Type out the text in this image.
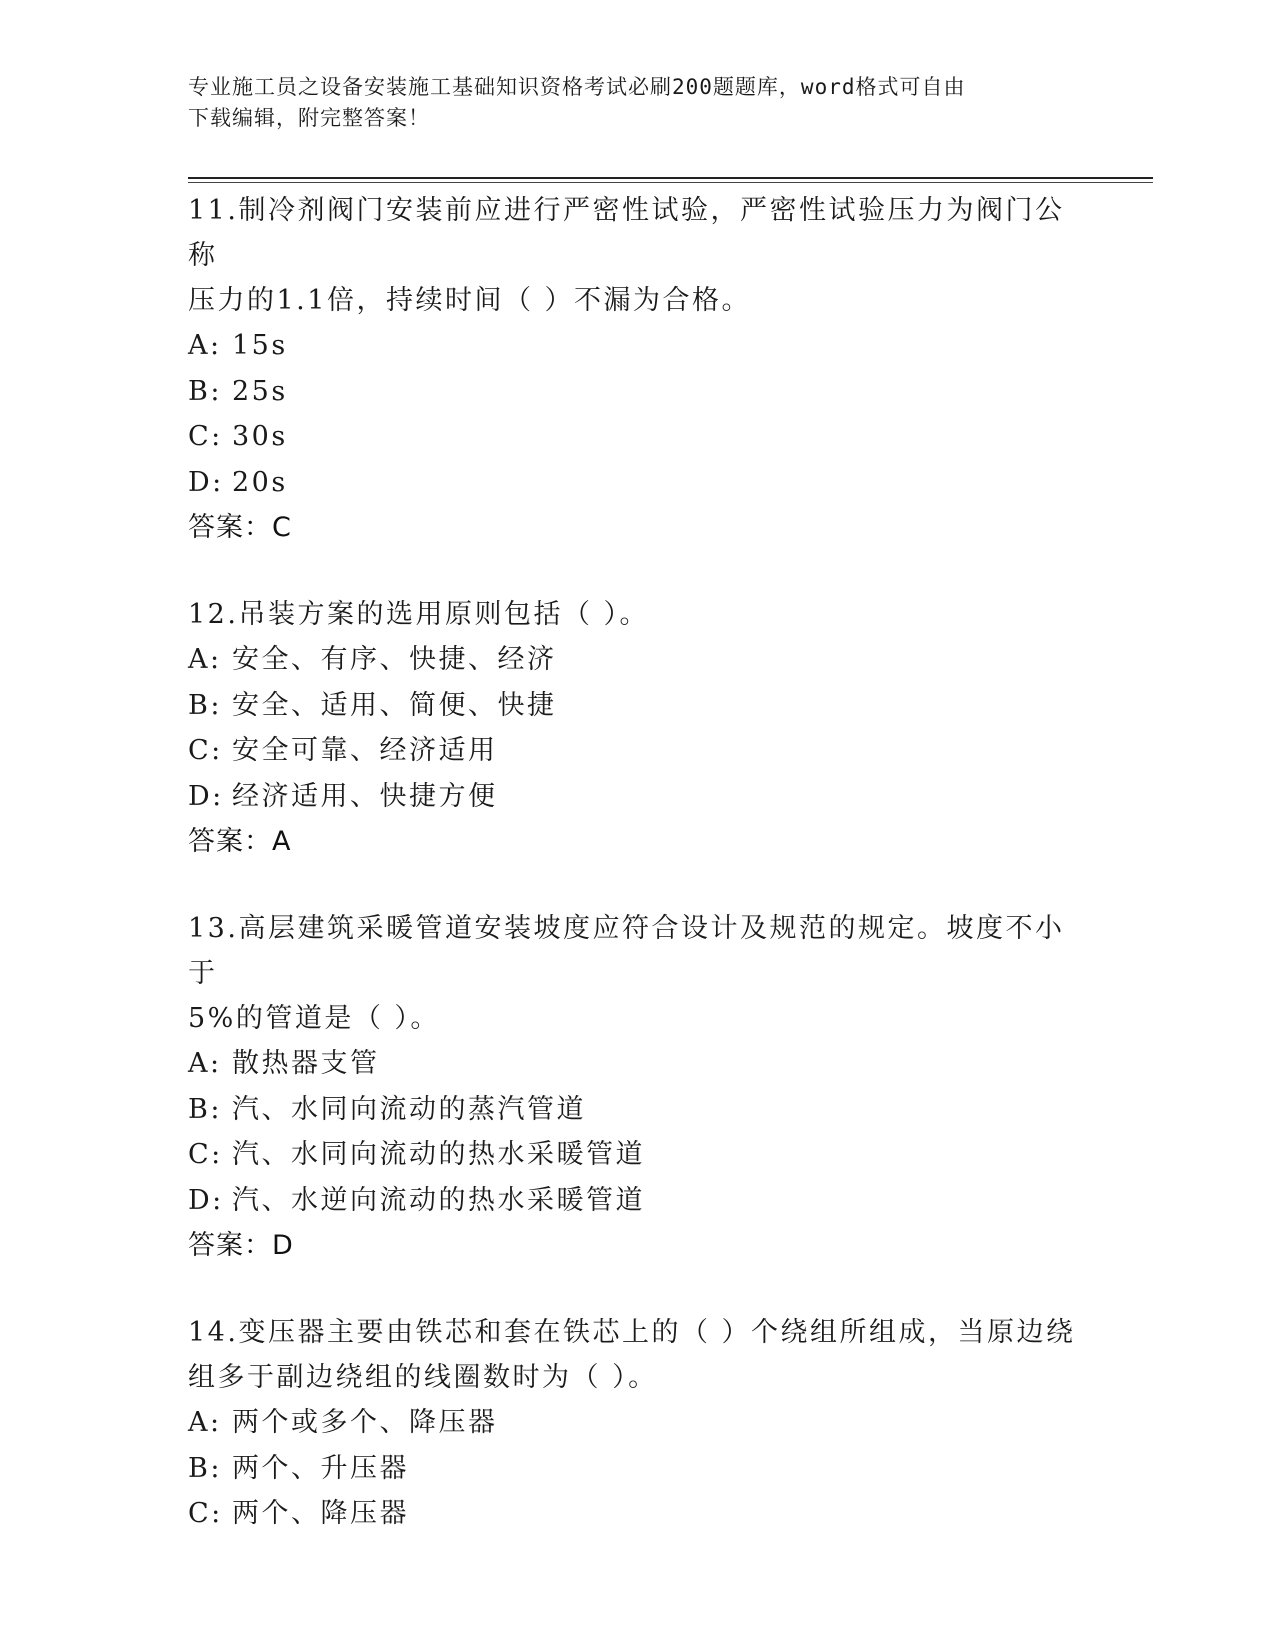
专业施工员之设备安装施工基础知识资格考试必刷200题题库，word格式可自由
下载编辑，附完整答案！

11.制冷剂阀门安装前应进行严密性试验，严密性试验压力为阀门公称

压力的1.1倍，持续时间（ ）不漏为合格。

A: 15s

B: 25s

C: 30s

D: 20s

答案：C

12.吊装方案的选用原则包括（ ）。

A: 安全、有序、快捷、经济

B: 安全、适用、简便、快捷

C: 安全可靠、经济适用

D: 经济适用、快捷方便

答案：A

13.高层建筑采暖管道安装坡度应符合设计及规范的规定。坡度不小于

5%的管道是（ ）。

A: 散热器支管

B: 汽、水同向流动的蒸汽管道

C: 汽、水同向流动的热水采暖管道

D: 汽、水逆向流动的热水采暖管道

答案：D

14.变压器主要由铁芯和套在铁芯上的（ ）个绕组所组成，当原边绕

组多于副边绕组的线圈数时为（ ）。

A: 两个或多个、降压器

B: 两个、升压器

C: 两个、降压器
